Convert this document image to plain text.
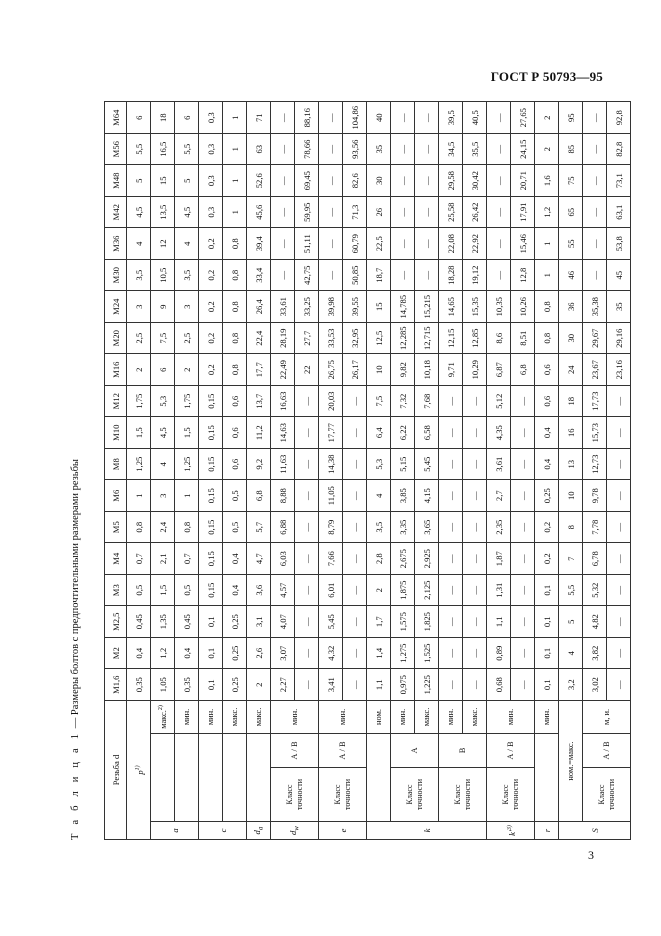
ГОСТ Р 50793—95
Т а б л и ц а 1 — Размеры болтов с предпочтительными размерами резьбы
Резьба d				М1,6	М2	М2,5	М3	М4	М5	М6	М8	М10	М12	М16	М20	М24	М30	М36	М42	М48	М56	М64
$р^{1)}$				0,35	0,4	0,45	0,5	0,7	0,8	1	1,25	1,5	1,75	2	2,5	3	3,5	4	4,5	5	5,5	6
a			макс.$^{2)}$	1,05	1,2	1,35	1,5	2,1	2,4	3	4	4,5	5,3	6	7,5	9	10,5	12	13,5	15	16,5	18
			мин.	0,35	0,4	0,45	0,5	0,7	0,8	1	1,25	1,5	1,75	2	2,5	3	3,5	4	4,5	5	5,5	6
с			мин.	0,1	0,1	0,1	0,15	0,15	0,15	0,15	0,15	0,15	0,15	0,2	0,2	0,2	0,2	0,2	0,3	0,3	0,3	0,3
			макс.	0,25	0,25	0,25	0,4	0,4	0,5	0,5	0,6	0,6	0,6	0,8	0,8	0,8	0,8	0,8	1	1	1	1
$d_a$			макс.	2	2,6	3,1	3,6	4,7	5,7	6,8	9,2	11,2	13,7	17,7	22,4	26,4	33,4	39,4	45,6	52,6	63	71
$d_w$	Класс точности	А / В	мин.	2,27	3,07	4,07	4,57	6,03	6,88	8,88	11,63	14,63	16,63	22,49	28,19	33,61	—	—	—	—	—	—
				—	—	—	—	—	—	—	—	—	—	22	27,7	33,25	42,75	51,11	59,95	69,45	78,66	88,16
е	Класс точности	А / В	мин.	3,41	4,32	5,45	6,01	7,66	8,79	11,05	14,38	17,77	20,03	26,75	33,53	39,98	—	—	—	—	—	—
				—	—	—	—	—	—	—	—	—	—	26,17	32,95	39,55	50,85	60,79	71,3	82,6	93,56	104,86
k			ном.	1,1	1,4	1,7	2	2,8	3,5	4	5,3	6,4	7,5	10	12,5	15	18,7	22,5	26	30	35	40

	Класс точности	А	мин.	0,975	1,275	1,575	1,875	2,675	3,35	3,85	5,15	6,22	7,32	9,82	12,285	14,785	—	—	—	—	—	—
			макс.	1,225	1,525	1,825	2,125	2,925	3,65	4,15	5,45	6,58	7,68	10,18	12,715	15,215	—	—	—	—	—	—

	Класс точности	В	мин.	—	—	—	—	—	—	—	—	—	—	9,71	12,15	14,65	18,28	22,08	25,58	29,58	34,5	39,5
			макс.	—	—	—	—	—	—	—	—	—	—	10,29	12,85	15,35	19,12	22,92	26,42	30,42	35,5	40,5
$k'^{3)}$	Класс точности	А / В	мин.	0,68	0,89	1,1	1,31	1,87	2,35	2,7	3,61	4,35	5,12	6,87	8,6	10,35	—	—	—	—	—	—
				—	—	—	—	—	—	—	—	—	—	6,8	8,51	10,26	12,8	15,46	17,91	20,71	24,15	27,65
r			мин.	0,1	0,1	0,1	0,1	0,2	0,2	0,25	0,4	0,4	0,6	0,6	0,8	0,8	1	1	1,2	1,6	2	2
S	ном.=макс.			3,2	4	5	5,5	7	8	10	13	16	18	24	30	36	46	55	65	75	85	95

	Класс точности	А / В	м, и.	3,02	3,82	4,82	5,32	6,78	7,78	9,78	12,73	15,73	17,73	23,67	29,67	35,38	—	—	—	—	—	—
				—	—	—	—	—	—	—	—	—	—	23,16	29,16	35	45	53,8	63,1	73,1	82,8	92,8
3
